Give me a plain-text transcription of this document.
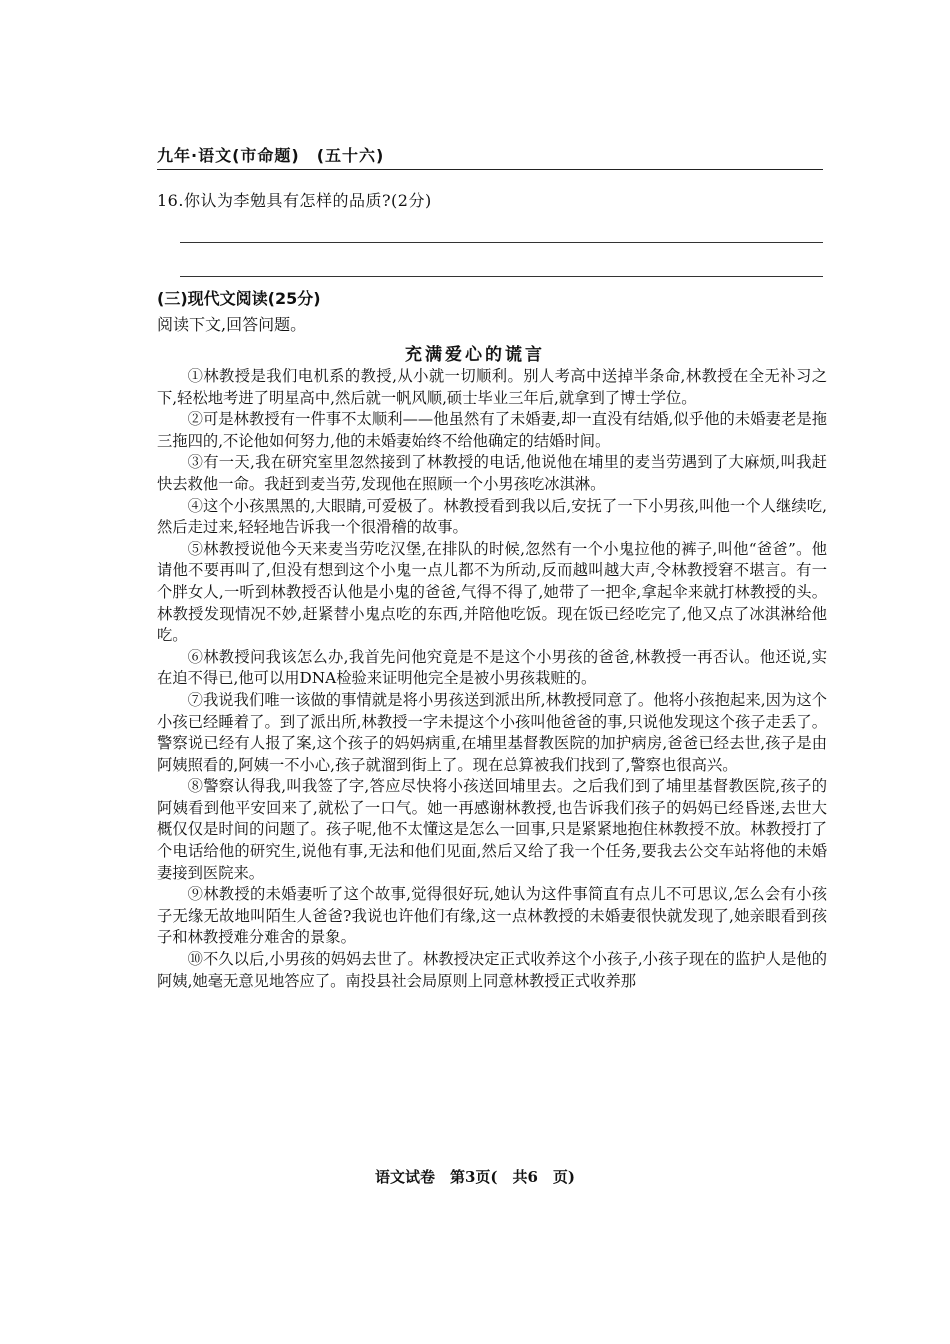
九年·语文(市命题)　(五十六)
16.你认为李勉具有怎样的品质?(2分)
(三)现代文阅读(25分)
阅读下文,回答问题。
充满爱心的谎言

①林教授是我们电机系的教授,从小就一切顺利。别人考高中送掉半条命,林教授在全无补习之下,轻松地考进了明星高中,然后就一帆风顺,硕士毕业三年后,就拿到了博士学位。

②可是林教授有一件事不太顺利——他虽然有了未婚妻,却一直没有结婚,似乎他的未婚妻老是拖三拖四的,不论他如何努力,他的未婚妻始终不给他确定的结婚时间。

③有一天,我在研究室里忽然接到了林教授的电话,他说他在埔里的麦当劳遇到了大麻烦,叫我赶快去救他一命。我赶到麦当劳,发现他在照顾一个小男孩吃冰淇淋。

④这个小孩黑黑的,大眼睛,可爱极了。林教授看到我以后,安抚了一下小男孩,叫他一个人继续吃,然后走过来,轻轻地告诉我一个很滑稽的故事。

⑤林教授说他今天来麦当劳吃汉堡,在排队的时候,忽然有一个小鬼拉他的裤子,叫他“爸爸”。他请他不要再叫了,但没有想到这个小鬼一点儿都不为所动,反而越叫越大声,令林教授窘不堪言。有一个胖女人,一听到林教授否认他是小鬼的爸爸,气得不得了,她带了一把伞,拿起伞来就打林教授的头。林教授发现情况不妙,赶紧替小鬼点吃的东西,并陪他吃饭。现在饭已经吃完了,他又点了冰淇淋给他吃。

⑥林教授问我该怎么办,我首先问他究竟是不是这个小男孩的爸爸,林教授一再否认。他还说,实在迫不得已,他可以用DNA检验来证明他完全是被小男孩栽赃的。

⑦我说我们唯一该做的事情就是将小男孩送到派出所,林教授同意了。他将小孩抱起来,因为这个小孩已经睡着了。到了派出所,林教授一字未提这个小孩叫他爸爸的事,只说他发现这个孩子走丢了。警察说已经有人报了案,这个孩子的妈妈病重,在埔里基督教医院的加护病房,爸爸已经去世,孩子是由阿姨照看的,阿姨一不小心,孩子就溜到街上了。现在总算被我们找到了,警察也很高兴。

⑧警察认得我,叫我签了字,答应尽快将小孩送回埔里去。之后我们到了埔里基督教医院,孩子的阿姨看到他平安回来了,就松了一口气。她一再感谢林教授,也告诉我们孩子的妈妈已经昏迷,去世大概仅仅是时间的问题了。孩子呢,他不太懂这是怎么一回事,只是紧紧地抱住林教授不放。林教授打了个电话给他的研究生,说他有事,无法和他们见面,然后又给了我一个任务,要我去公交车站将他的未婚妻接到医院来。

⑨林教授的未婚妻听了这个故事,觉得很好玩,她认为这件事简直有点儿不可思议,怎么会有小孩子无缘无故地叫陌生人爸爸?我说也许他们有缘,这一点林教授的未婚妻很快就发现了,她亲眼看到孩子和林教授难分难舍的景象。

⑩不久以后,小男孩的妈妈去世了。林教授决定正式收养这个小孩子,小孩子现在的监护人是他的阿姨,她毫无意见地答应了。南投县社会局原则上同意林教授正式收养那

语文试卷　第3页(　共6　页)
